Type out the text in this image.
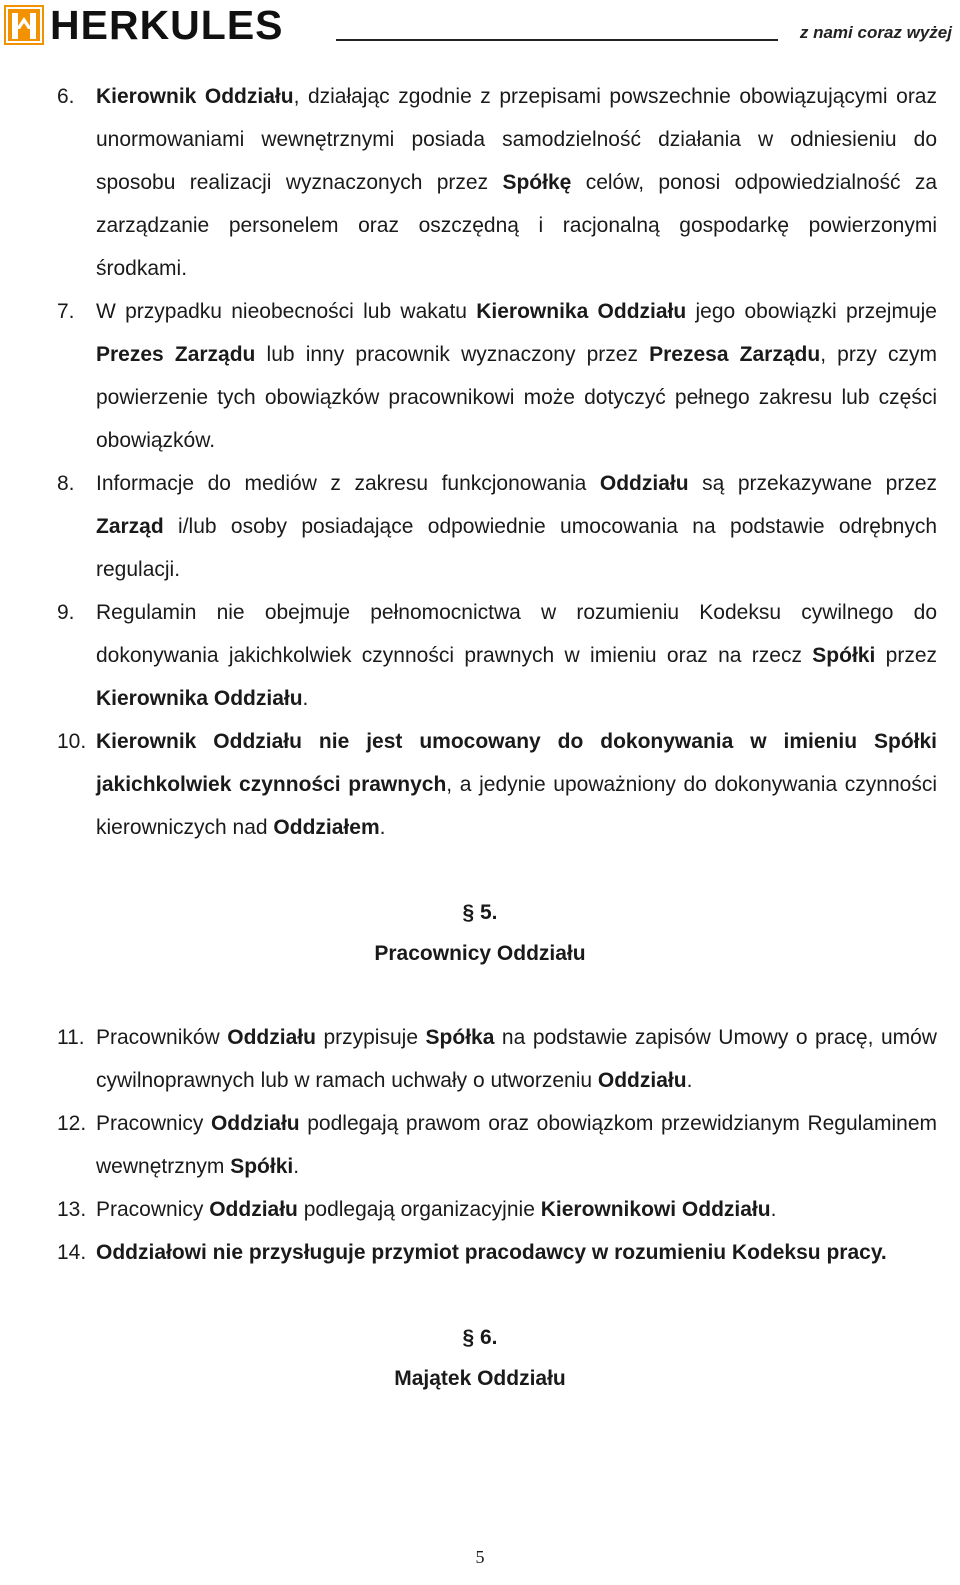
HERKULES	z nami coraz wyżej
6.	Kierownik Oddziału, działając zgodnie z przepisami powszechnie obowiązującymi oraz unormowaniami wewnętrznymi posiada samodzielność działania w odniesieniu do sposobu realizacji wyznaczonych przez Spółkę celów, ponosi odpowiedzialność za zarządzanie personelem oraz oszczędną i racjonalną gospodarkę powierzonymi środkami.
7.	W przypadku nieobecności lub wakatu Kierownika Oddziału jego obowiązki przejmuje Prezes Zarządu lub inny pracownik wyznaczony przez Prezesa Zarządu, przy czym powierzenie tych obowiązków pracownikowi może dotyczyć pełnego zakresu lub części obowiązków.
8.	Informacje do mediów z zakresu funkcjonowania Oddziału są przekazywane przez Zarząd i/lub osoby posiadające odpowiednie umocowania na podstawie odrębnych regulacji.
9.	Regulamin nie obejmuje pełnomocnictwa w rozumieniu Kodeksu cywilnego do dokonywania jakichkolwiek czynności prawnych w imieniu oraz na rzecz Spółki przez Kierownika Oddziału.
10. Kierownik Oddziału nie jest umocowany do dokonywania w imieniu Spółki jakichkolwiek czynności prawnych, a jedynie upoważniony do dokonywania czynności kierowniczych nad Oddziałem.
§ 5.
Pracownicy Oddziału
11. Pracowników Oddziału przypisuje Spółka na podstawie zapisów Umowy o pracę, umów cywilnoprawnych lub w ramach uchwały o utworzeniu Oddziału.
12. Pracownicy Oddziału podlegają prawom oraz obowiązkom przewidzianym Regulaminem wewnętrznym Spółki.
13. Pracownicy Oddziału podlegają organizacyjnie Kierownikowi Oddziału.
14. Oddziałowi nie przysługuje przymiot pracodawcy w rozumieniu Kodeksu pracy.
§ 6.
Majątek Oddziału
5
